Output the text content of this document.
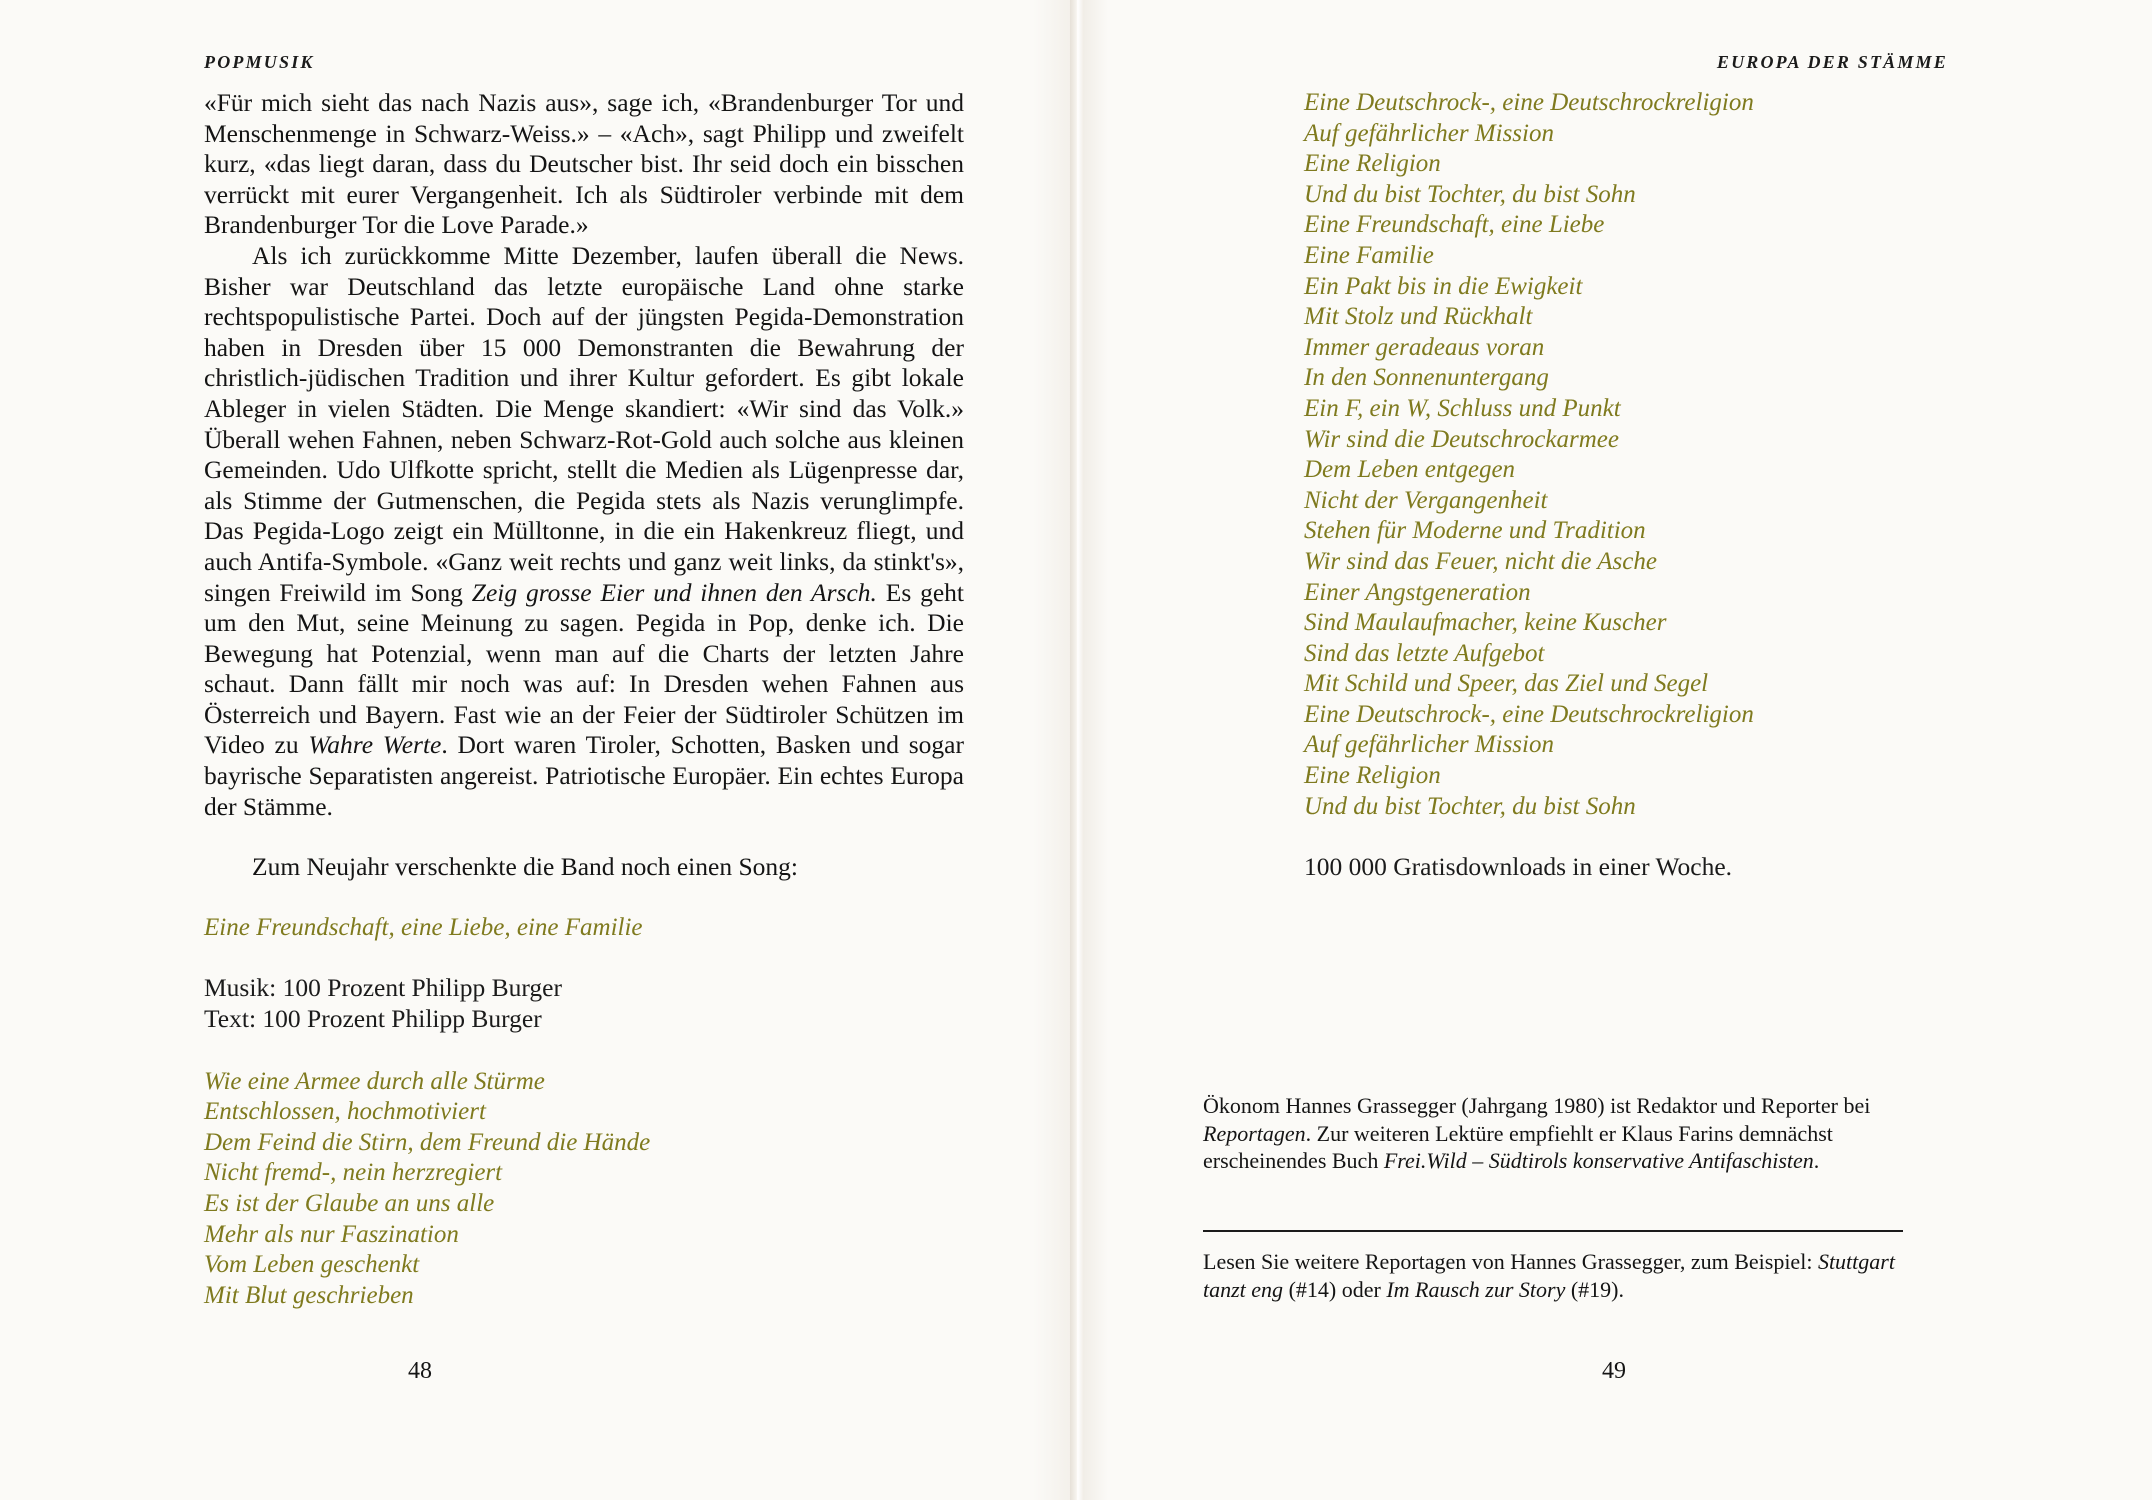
POPMUSIK

«Für mich sieht das nach Nazis aus», sage ich, «Brandenburger Tor und Menschenmenge in Schwarz-Weiss.» – «Ach», sagt Philipp und zweifelt kurz, «das liegt daran, dass du Deutscher bist. Ihr seid doch ein bisschen verrückt mit eurer Vergangenheit. Ich als Südtiroler verbinde mit dem Brandenburger Tor die Love Parade.»

Als ich zurückkomme Mitte Dezember, laufen überall die News. Bisher war Deutschland das letzte europäische Land ohne starke rechtspopulistische Partei. Doch auf der jüngsten Pegida-Demonstration haben in Dresden über 15 000 Demonstranten die Bewahrung der christlich-jüdischen Tradition und ihrer Kultur gefordert. Es gibt lokale Ableger in vielen Städten. Die Menge skandiert: «Wir sind das Volk.» Überall wehen Fahnen, neben Schwarz-Rot-Gold auch solche aus kleinen Gemeinden. Udo Ulfkotte spricht, stellt die Medien als Lügenpresse dar, als Stimme der Gutmenschen, die Pegida stets als Nazis verunglimpfe. Das Pegida-Logo zeigt ein Mülltonne, in die ein Hakenkreuz fliegt, und auch Antifa-Symbole. «Ganz weit rechts und ganz weit links, da stinkt's», singen Freiwild im Song Zeig grosse Eier und ihnen den Arsch. Es geht um den Mut, seine Meinung zu sagen. Pegida in Pop, denke ich. Die Bewegung hat Potenzial, wenn man auf die Charts der letzten Jahre schaut. Dann fällt mir noch was auf: In Dresden wehen Fahnen aus Österreich und Bayern. Fast wie an der Feier der Südtiroler Schützen im Video zu Wahre Werte. Dort waren Tiroler, Schotten, Basken und sogar bayrische Separatisten angereist. Patriotische Europäer. Ein echtes Europa der Stämme.

Zum Neujahr verschenkte die Band noch einen Song:

Eine Freundschaft, eine Liebe, eine Familie
Musik: 100 Prozent Philipp Burger
Text: 100 Prozent Philipp Burger
Wie eine Armee durch alle Stürme
Entschlossen, hochmotiviert
Dem Feind die Stirn, dem Freund die Hände
Nicht fremd-, nein herzregiert
Es ist der Glaube an uns alle
Mehr als nur Faszination
Vom Leben geschenkt
Mit Blut geschrieben
48
EUROPA DER STÄMME
Eine Deutschrock-, eine Deutschrockreligion
Auf gefährlicher Mission
Eine Religion
Und du bist Tochter, du bist Sohn
Eine Freundschaft, eine Liebe
Eine Familie
Ein Pakt bis in die Ewigkeit
Mit Stolz und Rückhalt
Immer geradeaus voran
In den Sonnenuntergang
Ein F, ein W, Schluss und Punkt
Wir sind die Deutschrockarmee
Dem Leben entgegen
Nicht der Vergangenheit
Stehen für Moderne und Tradition
Wir sind das Feuer, nicht die Asche
Einer Angstgeneration
Sind Maulaufmacher, keine Kuscher
Sind das letzte Aufgebot
Mit Schild und Speer, das Ziel und Segel
Eine Deutschrock-, eine Deutschrockreligion
Auf gefährlicher Mission
Eine Religion
Und du bist Tochter, du bist Sohn
100 000 Gratisdownloads in einer Woche.
Ökonom Hannes Grassegger (Jahrgang 1980) ist Redaktor und Reporter bei Reportagen. Zur weiteren Lektüre empfiehlt er Klaus Farins demnächst erscheinendes Buch Frei.Wild – Südtirols konservative Antifaschisten.
Lesen Sie weitere Reportagen von Hannes Grassegger, zum Beispiel: Stuttgart tanzt eng (#14) oder Im Rausch zur Story (#19).
49
